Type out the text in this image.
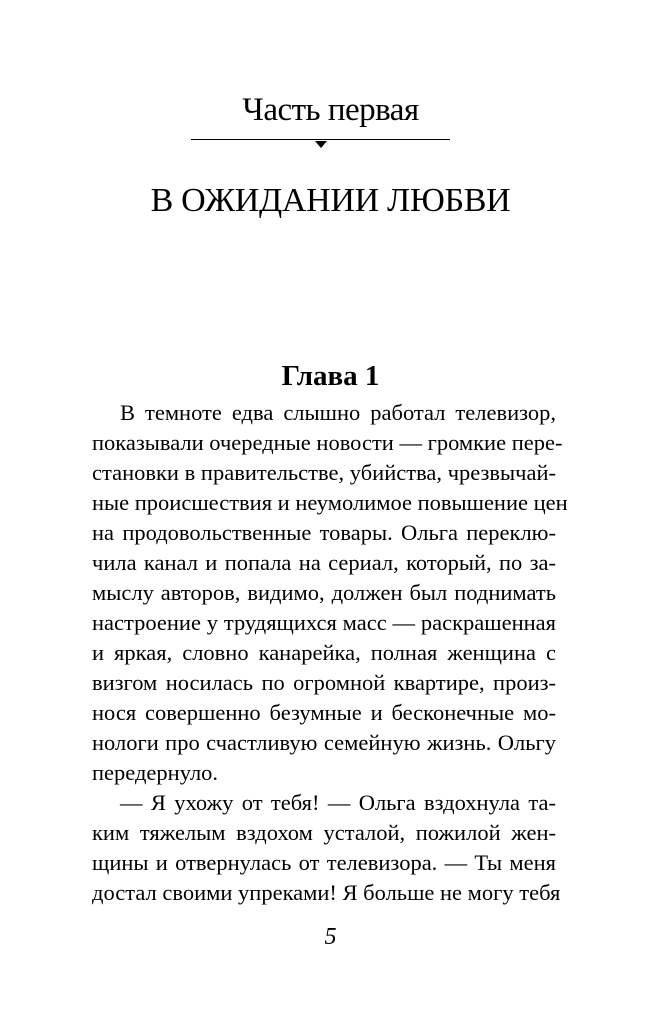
Часть первая
В ОЖИДАНИИ ЛЮБВИ
Глава 1
В темноте едва слышно работал телевизор,
показывали очередные новости — громкие пере-
становки в правительстве, убийства, чрезвычай-
ные происшествия и неумолимое повышение цен
на продовольственные товары. Ольга переклю-
чила канал и попала на сериал, который, по за-
мыслу авторов, видимо, должен был поднимать
настроение у трудящихся масс — раскрашенная
и яркая, словно канарейка, полная женщина с
визгом носилась по огромной квартире, произ-
нося совершенно безумные и бесконечные мо-
нологи про счастливую семейную жизнь. Ольгу
передернуло.
— Я ухожу от тебя! — Ольга вздохнула та-
ким тяжелым вздохом усталой, пожилой жен-
щины и отвернулась от телевизора. — Ты меня
достал своими упреками! Я больше не могу тебя
5
